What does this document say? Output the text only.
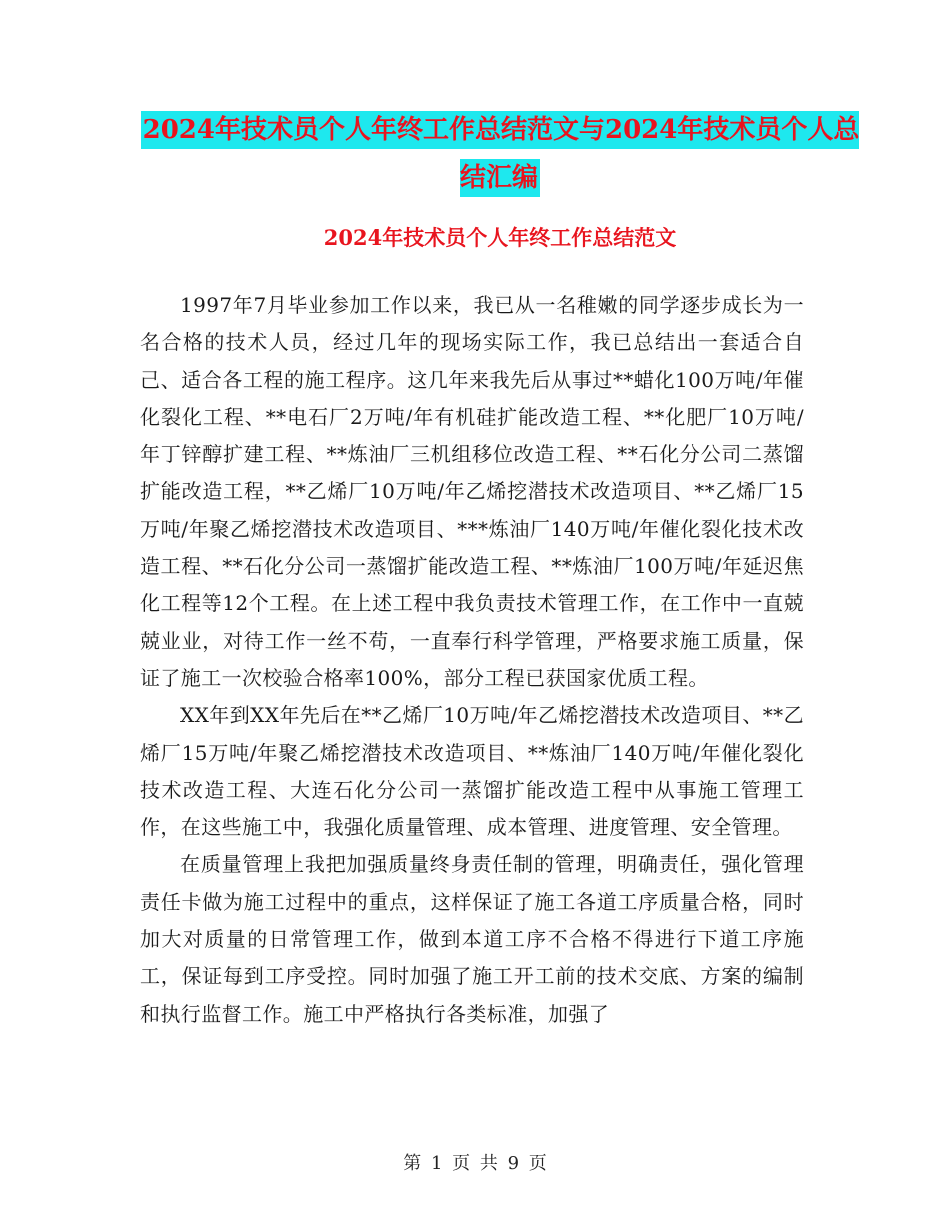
2024年技术员个人年终工作总结范文与2024年技术员个人总结汇编
2024年技术员个人年终工作总结范文

1997年7月毕业参加工作以来，我已从一名稚嫩的同学逐步成长为一名合格的技术人员，经过几年的现场实际工作，我已总结出一套适合自己、适合各工程的施工程序。这几年来我先后从事过**蜡化100万吨/年催化裂化工程、**电石厂2万吨/年有机硅扩能改造工程、**化肥厂10万吨/年丁锌醇扩建工程、**炼油厂三机组移位改造工程、**石化分公司二蒸馏扩能改造工程，**乙烯厂10万吨/年乙烯挖潜技术改造项目、**乙烯厂15万吨/年聚乙烯挖潜技术改造项目、***炼油厂140万吨/年催化裂化技术改造工程、**石化分公司一蒸馏扩能改造工程、**炼油厂100万吨/年延迟焦化工程等12个工程。在上述工程中我负责技术管理工作，在工作中一直兢兢业业，对待工作一丝不苟，一直奉行科学管理，严格要求施工质量，保证了施工一次校验合格率100%，部分工程已获国家优质工程。

XX年到XX年先后在**乙烯厂10万吨/年乙烯挖潜技术改造项目、**乙烯厂15万吨/年聚乙烯挖潜技术改造项目、**炼油厂140万吨/年催化裂化技术改造工程、大连石化分公司一蒸馏扩能改造工程中从事施工管理工作，在这些施工中，我强化质量管理、成本管理、进度管理、安全管理。

在质量管理上我把加强质量终身责任制的管理，明确责任，强化管理责任卡做为施工过程中的重点，这样保证了施工各道工序质量合格，同时加大对质量的日常管理工作，做到本道工序不合格不得进行下道工序施工，保证每到工序受控。同时加强了施工开工前的技术交底、方案的编制和执行监督工作。施工中严格执行各类标准，加强了

第 1 页 共 9 页
